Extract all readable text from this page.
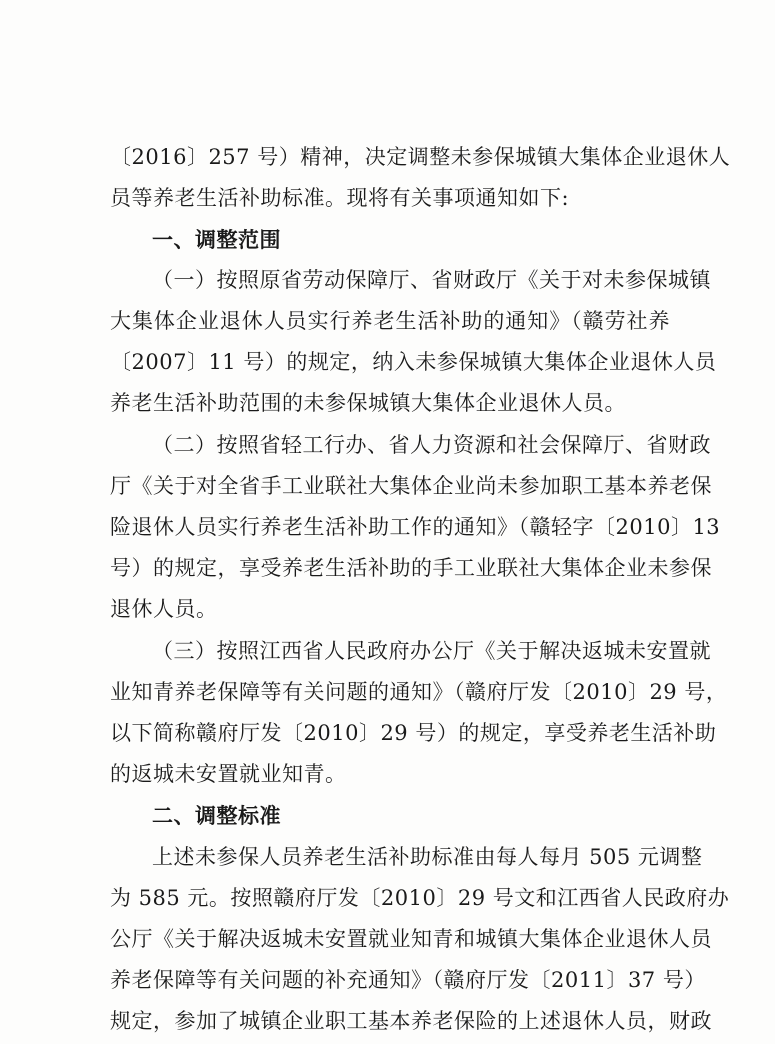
〔2016〕257 号）精神，决定调整未参保城镇大集体企业退休人
员等养老生活补助标准。现将有关事项通知如下:
一、调整范围
（一）按照原省劳动保障厅、省财政厅《关于对未参保城镇
大集体企业退休人员实行养老生活补助的通知》（赣劳社养
〔2007〕11 号）的规定，纳入未参保城镇大集体企业退休人员
养老生活补助范围的未参保城镇大集体企业退休人员。
（二）按照省轻工行办、省人力资源和社会保障厅、省财政
厅《关于对全省手工业联社大集体企业尚未参加职工基本养老保
险退休人员实行养老生活补助工作的通知》（赣轻字〔2010〕13
号）的规定，享受养老生活补助的手工业联社大集体企业未参保
退休人员。
（三）按照江西省人民政府办公厅《关于解决返城未安置就
业知青养老保障等有关问题的通知》（赣府厅发〔2010〕29 号，
以下简称赣府厅发〔2010〕29 号）的规定，享受养老生活补助
的返城未安置就业知青。
二、调整标准
上述未参保人员养老生活补助标准由每人每月 505 元调整
为 585 元。按照赣府厅发〔2010〕29 号文和江西省人民政府办
公厅《关于解决返城未安置就业知青和城镇大集体企业退休人员
养老保障等有关问题的补充通知》（赣府厅发〔2011〕37 号）
规定，参加了城镇企业职工基本养老保险的上述退休人员，财政
